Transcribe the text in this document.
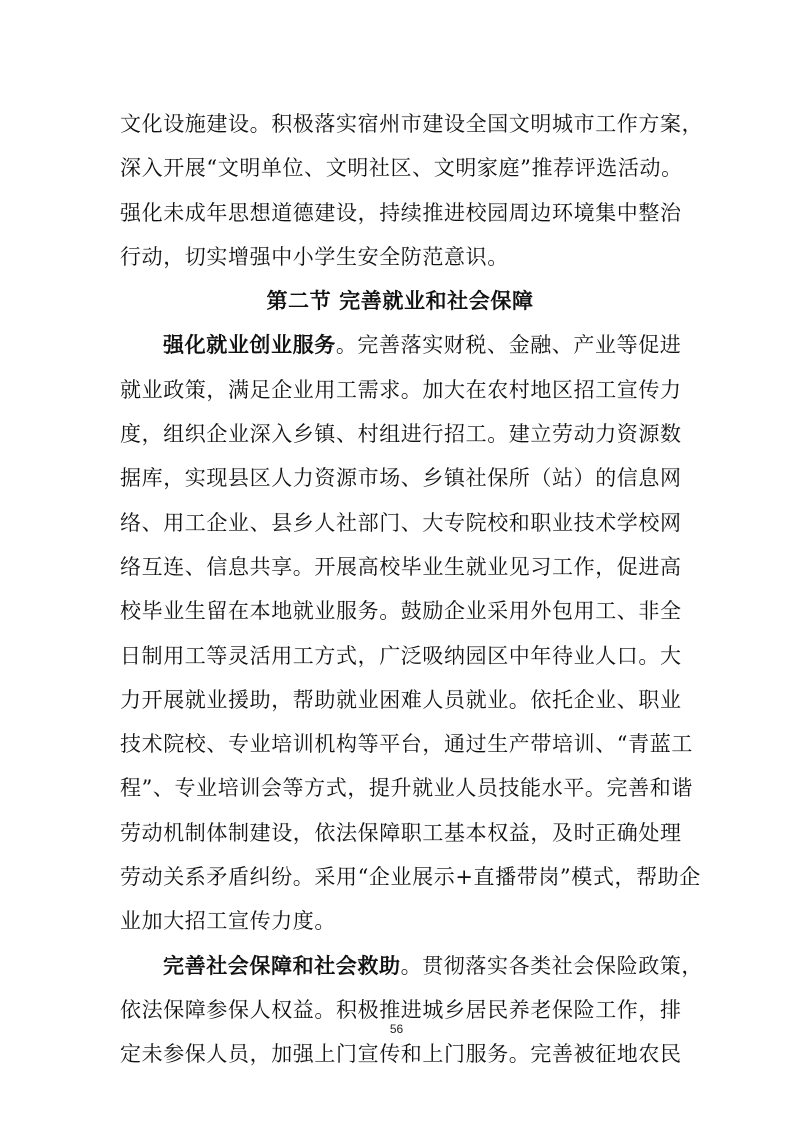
文化设施建设。积极落实宿州市建设全国文明城市工作方案，
深入开展“文明单位、文明社区、文明家庭”推荐评选活动。
强化未成年思想道德建设，持续推进校园周边环境集中整治
行动，切实增强中小学生安全防范意识。
第二节 完善就业和社会保障
强化就业创业服务。完善落实财税、金融、产业等促进
就业政策，满足企业用工需求。加大在农村地区招工宣传力
度，组织企业深入乡镇、村组进行招工。建立劳动力资源数
据库，实现县区人力资源市场、乡镇社保所（站）的信息网
络、用工企业、县乡人社部门、大专院校和职业技术学校网
络互连、信息共享。开展高校毕业生就业见习工作，促进高
校毕业生留在本地就业服务。鼓励企业采用外包用工、非全
日制用工等灵活用工方式，广泛吸纳园区中年待业人口。大
力开展就业援助，帮助就业困难人员就业。依托企业、职业
技术院校、专业培训机构等平台，通过生产带培训、“青蓝工
程”、专业培训会等方式，提升就业人员技能水平。完善和谐
劳动机制体制建设，依法保障职工基本权益，及时正确处理
劳动关系矛盾纠纷。采用“企业展示+直播带岗”模式，帮助企
业加大招工宣传力度。
完善社会保障和社会救助。贯彻落实各类社会保险政策，
依法保障参保人权益。积极推进城乡居民养老保险工作，排
定未参保人员，加强上门宣传和上门服务。完善被征地农民
56
